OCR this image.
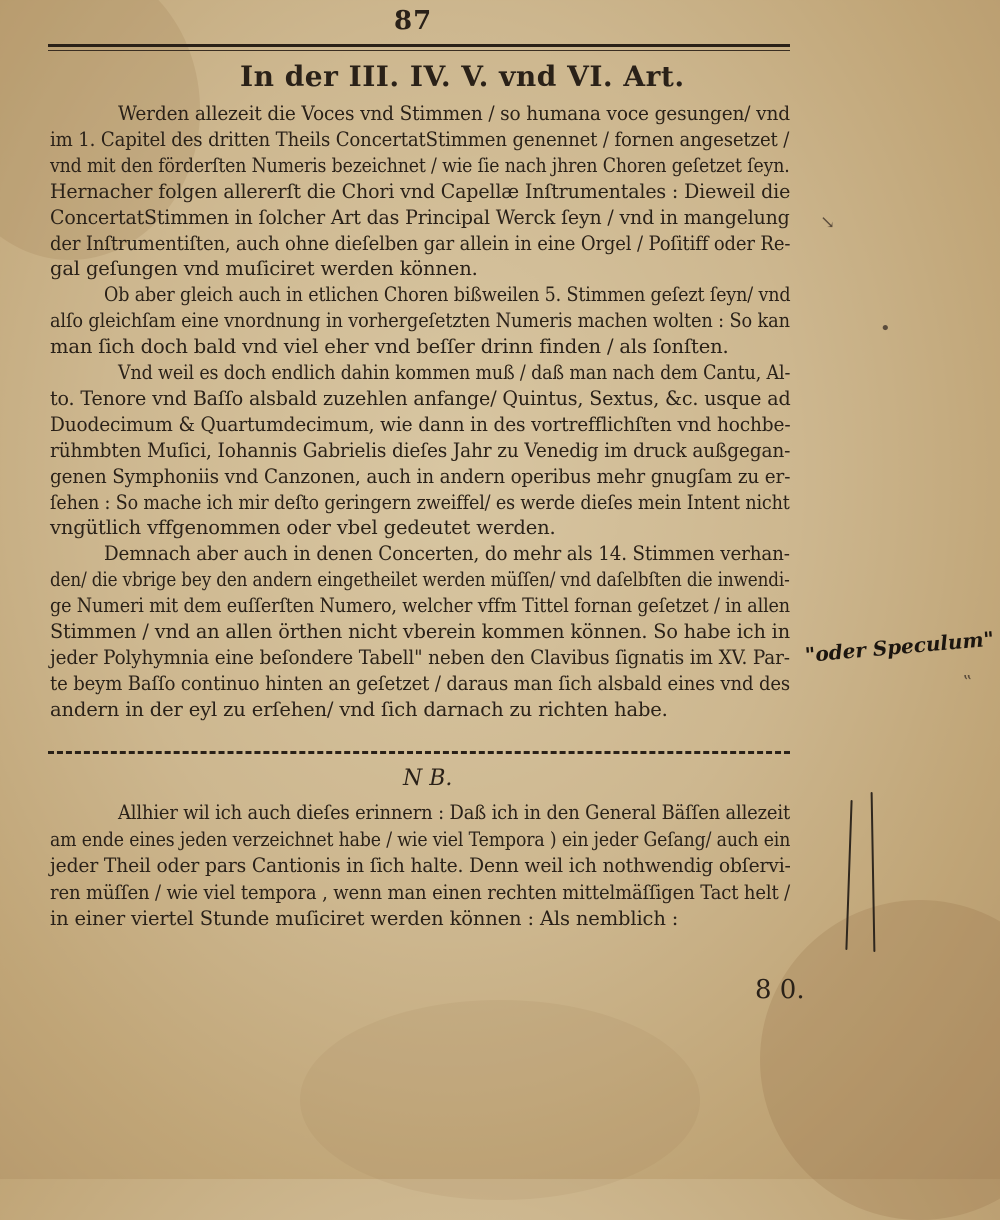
87
In der III. IV. V. vnd VI. Art.
Werden allezeit die Voces vnd Stimmen / so humana voce gesungen/ vnd
im 1. Capitel des dritten Theils ConcertatStimmen genennet / fornen angesetzet /
vnd mit den förderſten Numeris bezeichnet / wie ſie nach jhren Choren geſetzet ſeyn.
Hernacher folgen allererſt die Chori vnd Capellæ Inſtrumentales : Dieweil die
ConcertatStimmen in ſolcher Art das Principal Werck ſeyn / vnd in mangelung
der Inſtrumentiſten, auch ohne dieſelben gar allein in eine Orgel / Poſitiff oder Re-
gal geſungen vnd muſiciret werden können.
Ob aber gleich auch in etlichen Choren bißweilen 5. Stimmen geſezt ſeyn/ vnd
alſo gleichſam eine vnordnung in vorhergeſetzten Numeris machen wolten : So kan
man ſich doch bald vnd viel eher vnd beſſer drinn finden / als ſonſten.
Vnd weil es doch endlich dahin kommen muß / daß man nach dem Cantu, Al-
to. Tenore vnd Baſſo alsbald zuzehlen anfange/ Quintus, Sextus, &c. usque ad
Duodecimum & Quartumdecimum, wie dann in des vortrefflichſten vnd hochbe-
rühmbten Muſici, Iohannis Gabrielis dieſes Jahr zu Venedig im druck außgegan-
genen Symphoniis vnd Canzonen, auch in andern operibus mehr gnugſam zu er-
ſehen : So mache ich mir deſto geringern zweiffel/ es werde dieſes mein Intent nicht
vngütlich vffgenommen oder vbel gedeutet werden.
Demnach aber auch in denen Concerten, do mehr als 14. Stimmen verhan-
den/ die vbrige bey den andern eingetheilet werden müſſen/ vnd daſelbſten die inwendi-
ge Numeri mit dem euſſerſten Numero, welcher vffm Tittel fornan geſetzet / in allen
Stimmen / vnd an allen örthen nicht vberein kommen können. So habe ich in
jeder Polyhymnia eine beſondere Tabell" neben den Clavibus ſignatis im XV. Par-
te beym Baſſo continuo hinten an geſetzet / daraus man ſich alsbald eines vnd des
andern in der eyl zu erſehen/ vnd ſich darnach zu richten habe.
"oder Speculum"
↘
•
‟
N B.
Allhier wil ich auch dieſes erinnern : Daß ich in den General Bäſſen allezeit
am ende eines jeden verzeichnet habe / wie viel Tempora ) ein jeder Geſang/ auch ein
jeder Theil oder pars Cantionis in ſich halte. Denn weil ich nothwendig obſervi-
ren müſſen / wie viel tempora , wenn man einen rechten mittelmäſſigen Tact helt /
in einer viertel Stunde muſiciret werden können : Als nemblich :
8 0.
